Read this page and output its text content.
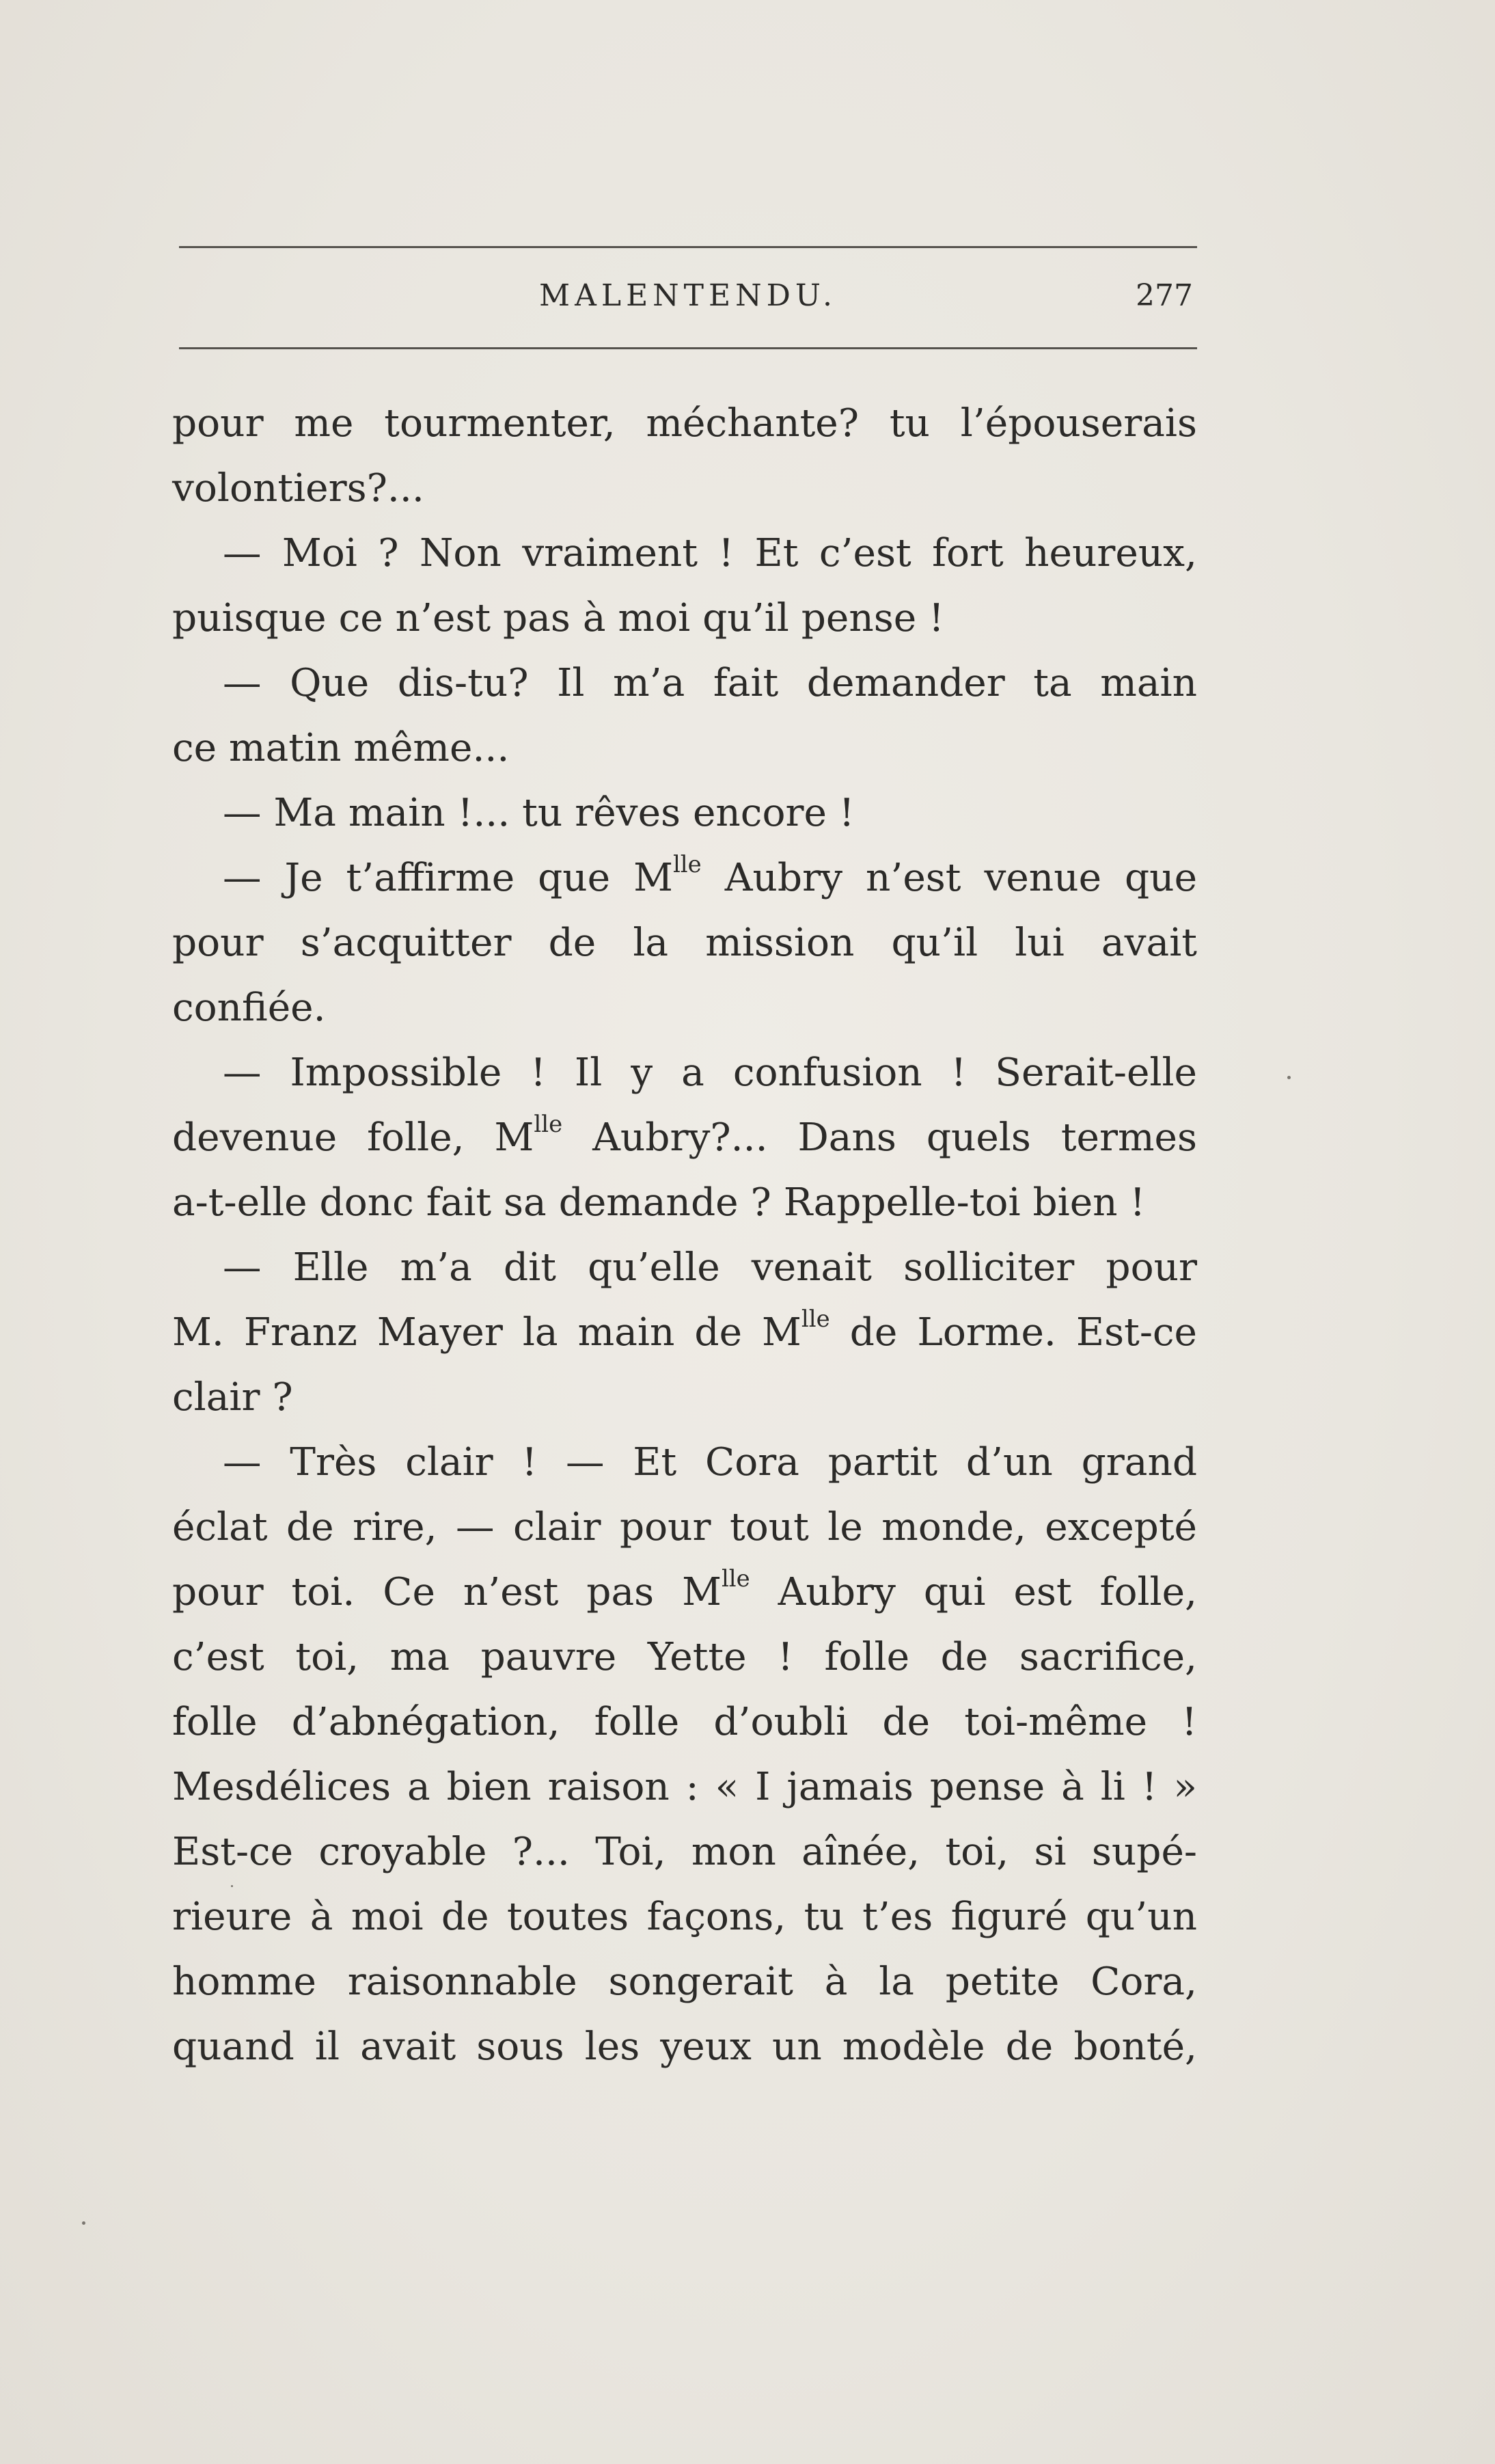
MALENTENDU.	277
pour me tourmenter, méchante? tu l’épouserais
volontiers?...
— Moi ? Non vraiment ! Et c’est fort heureux,
puisque ce n’est pas à moi qu’il pense !
— Que dis-tu? Il m’a fait demander ta main
ce matin même...
— Ma main !... tu rêves encore !
— Je t’affirme que $M^{lle}$ Aubry n’est venue que
pour s’acquitter de la mission qu’il lui avait
confiée.
— Impossible ! Il y a confusion ! Serait-elle
devenue folle, $M^{lle}$ Aubry?... Dans quels termes
a-t-elle donc fait sa demande ? Rappelle-toi bien !
— Elle m’a dit qu’elle venait solliciter pour
M. Franz Mayer la main de $M^{lle}$ de Lorme. Est-ce
clair ?
— Très clair ! — Et Cora partit d’un grand
éclat de rire, — clair pour tout le monde, excepté
pour toi. Ce n’est pas $M^{lle}$ Aubry qui est folle,
c’est toi, ma pauvre Yette ! folle de sacrifice,
folle d’abnégation, folle d’oubli de toi-même !
Mesdélices a bien raison : « I jamais pense à li ! »
Est-ce croyable ?... Toi, mon aînée, toi, si supé-
rieure à moi de toutes façons, tu t’es figuré qu’un
homme raisonnable songerait à la petite Cora,
quand il avait sous les yeux un modèle de bonté,
